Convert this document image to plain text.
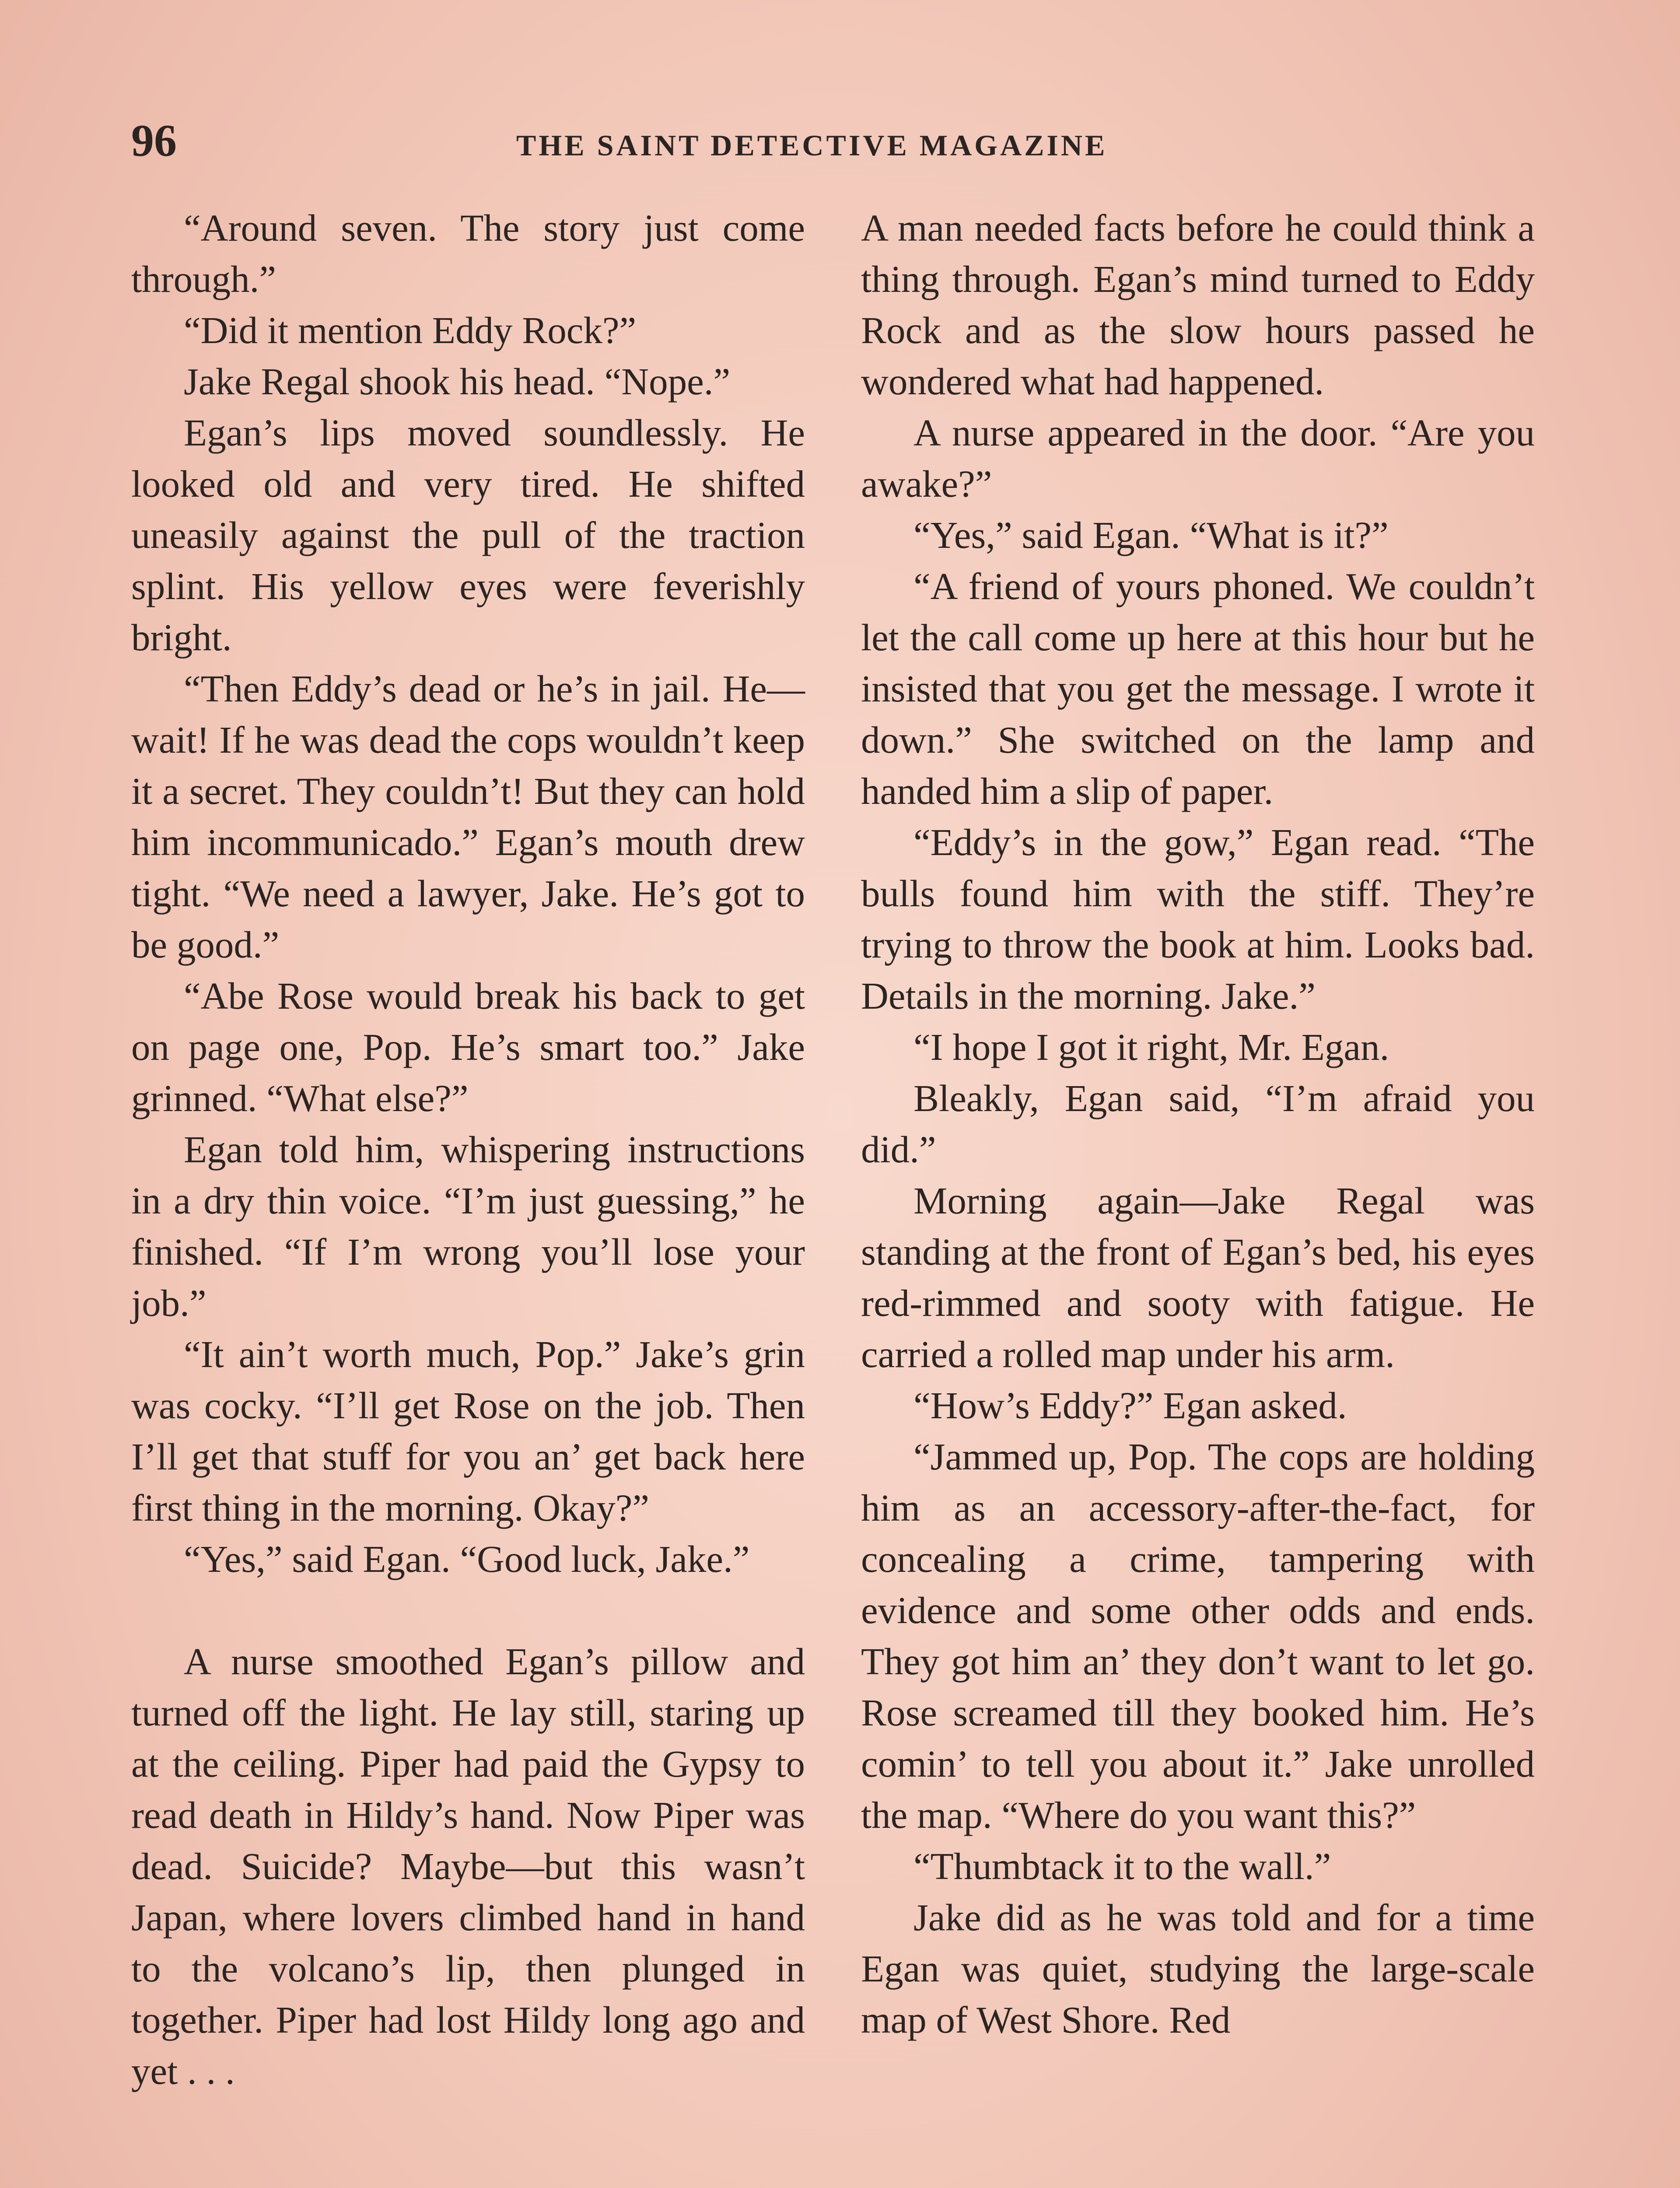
96	THE SAINT DETECTIVE MAGAZINE

“Around seven. The story just come through.”

“Did it mention Eddy Rock?”

Jake Regal shook his head. “Nope.”

Egan’s lips moved soundlessly. He looked old and very tired. He shifted uneasily against the pull of the traction splint. His yellow eyes were feverishly bright.

“Then Eddy’s dead or he’s in jail. He—wait! If he was dead the cops wouldn’t keep it a secret. They couldn’t! But they can hold him incommunicado.” Egan’s mouth drew tight. “We need a lawyer, Jake. He’s got to be good.”

“Abe Rose would break his back to get on page one, Pop. He’s smart too.” Jake grinned. “What else?”

Egan told him, whispering instructions in a dry thin voice. “I’m just guessing,” he finished. “If I’m wrong you’ll lose your job.”

“It ain’t worth much, Pop.” Jake’s grin was cocky. “I’ll get Rose on the job. Then I’ll get that stuff for you an’ get back here first thing in the morning. Okay?”

“Yes,” said Egan. “Good luck, Jake.”

A nurse smoothed Egan’s pillow and turned off the light. He lay still, staring up at the ceiling. Piper had paid the Gypsy to read death in Hildy’s hand. Now Piper was dead. Suicide? Maybe—but this wasn’t Japan, where lovers climbed hand in hand to the volcano’s lip, then plunged in together. Piper had lost Hildy long ago and yet . . .

A man needed facts before he could think a thing through. Egan’s mind turned to Eddy Rock and as the slow hours passed he wondered what had happened.

A nurse appeared in the door. “Are you awake?”

“Yes,” said Egan. “What is it?”

“A friend of yours phoned. We couldn’t let the call come up here at this hour but he insisted that you get the message. I wrote it down.” She switched on the lamp and handed him a slip of paper.

“Eddy’s in the gow,” Egan read. “The bulls found him with the stiff. They’re trying to throw the book at him. Looks bad. Details in the morning. Jake.”

“I hope I got it right, Mr. Egan.

Bleakly, Egan said, “I’m afraid you did.”

Morning again—Jake Regal was standing at the front of Egan’s bed, his eyes red-rimmed and sooty with fatigue. He carried a rolled map under his arm.

“How’s Eddy?” Egan asked.

“Jammed up, Pop. The cops are holding him as an accessory-after-the-fact, for concealing a crime, tampering with evidence and some other odds and ends. They got him an’ they don’t want to let go. Rose screamed till they booked him. He’s comin’ to tell you about it.” Jake unrolled the map. “Where do you want this?”

“Thumbtack it to the wall.”

Jake did as he was told and for a time Egan was quiet, studying the large-scale map of West Shore. Red
